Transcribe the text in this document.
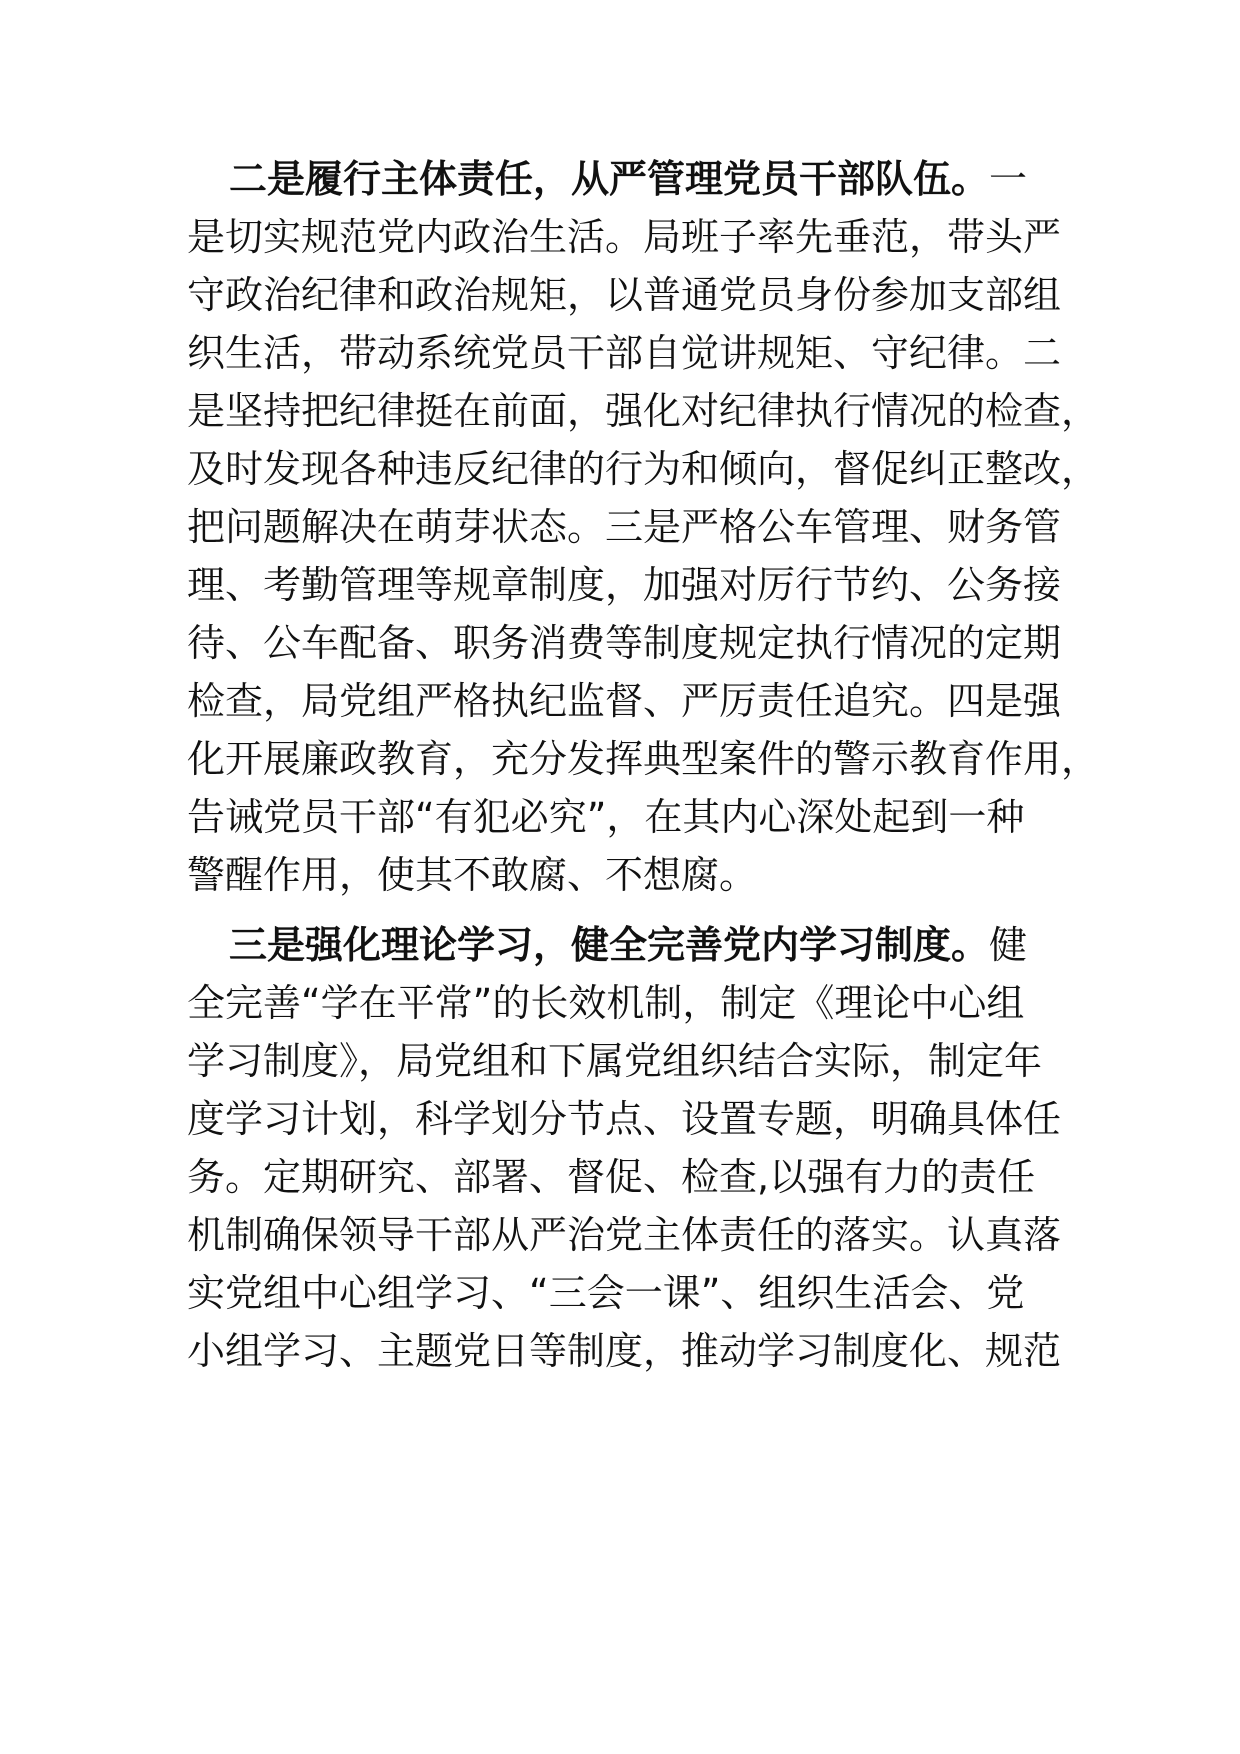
二是履行主体责任，从严管理党员干部队伍。一

是切实规范党内政治生活。局班子率先垂范，带头严

守政治纪律和政治规矩，以普通党员身份参加支部组

织生活，带动系统党员干部自觉讲规矩、守纪律。二

是坚持把纪律挺在前面，强化对纪律执行情况的检查，

及时发现各种违反纪律的行为和倾向，督促纠正整改，

把问题解决在萌芽状态。三是严格公车管理、财务管

理、考勤管理等规章制度，加强对厉行节约、公务接

待、公车配备、职务消费等制度规定执行情况的定期

检查，局党组严格执纪监督、严厉责任追究。四是强

化开展廉政教育，充分发挥典型案件的警示教育作用，

告诫党员干部“有犯必究”，在其内心深处起到一种

警醒作用，使其不敢腐、不想腐。

三是强化理论学习，健全完善党内学习制度。健

全完善“学在平常”的长效机制，制定《理论中心组

学习制度》，局党组和下属党组织结合实际，制定年

度学习计划，科学划分节点、设置专题，明确具体任

务。定期研究、部署、督促、检查,以强有力的责任

机制确保领导干部从严治党主体责任的落实。认真落

实党组中心组学习、“三会一课”、组织生活会、党

小组学习、主题党日等制度，推动学习制度化、规范
